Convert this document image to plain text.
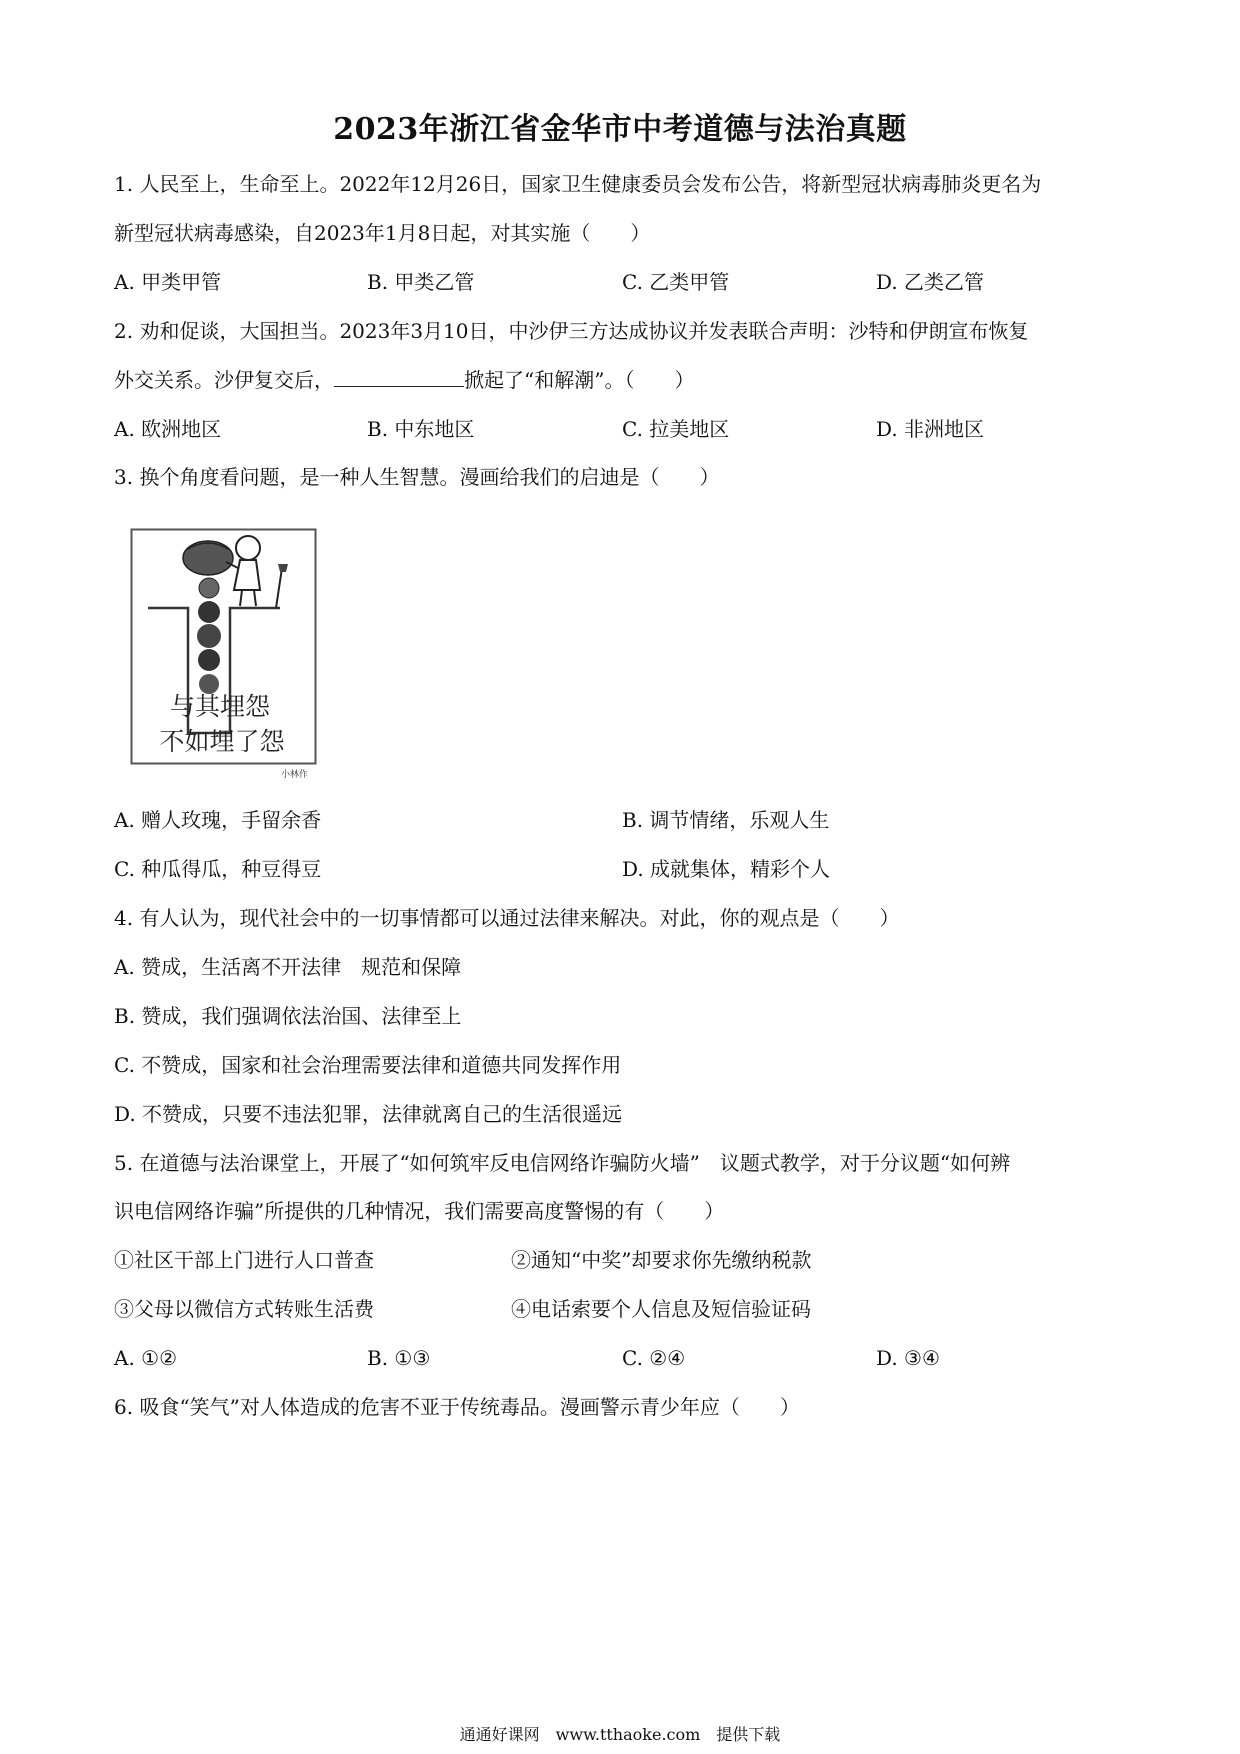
2023年浙江省金华市中考道德与法治真题
1. 人民至上，生命至上。2022年12月26日，国家卫生健康委员会发布公告，将新型冠状病毒肺炎更名为
新型冠状病毒感染，自2023年1月8日起，对其实施（　　）
A. 甲类甲管	B. 甲类乙管	C. 乙类甲管	D. 乙类乙管
2. 劝和促谈，大国担当。2023年3月10日，中沙伊三方达成协议并发表联合声明：沙特和伊朗宣布恢复
外交关系。沙伊复交后，	掀起了“和解潮”。（　　）
A. 欧洲地区	B. 中东地区	C. 拉美地区	D. 非洲地区
3. 换个角度看问题，是一种人生智慧。漫画给我们的启迪是（　　）
与其埋怨
不如埋了怨
小林作
A. 赠人玫瑰，手留余香	B. 调节情绪，乐观人生
C. 种瓜得瓜，种豆得豆	D. 成就集体，精彩个人
4. 有人认为，现代社会中的一切事情都可以通过法律来解决。对此，你的观点是（　　）
A. 赞成，生活离不开法律　规范和保障
B. 赞成，我们强调依法治国、法律至上
C. 不赞成，国家和社会治理需要法律和道德共同发挥作用
D. 不赞成，只要不违法犯罪，法律就离自己的生活很遥远
5. 在道德与法治课堂上，开展了“如何筑牢反电信网络诈骗防火墙”　议题式教学，对于分议题“如何辨
识电信网络诈骗”所提供的几种情况，我们需要高度警惕的有（　　）
①社区干部上门进行人口普查	②通知“中奖”却要求你先缴纳税款
③父母以微信方式转账生活费	④电话索要个人信息及短信验证码
A. ①②	B. ①③	C. ②④	D. ③④
6. 吸食“笑气”对人体造成的危害不亚于传统毒品。漫画警示青少年应（　　）
通通好课网　www.tthaoke.com　提供下载
